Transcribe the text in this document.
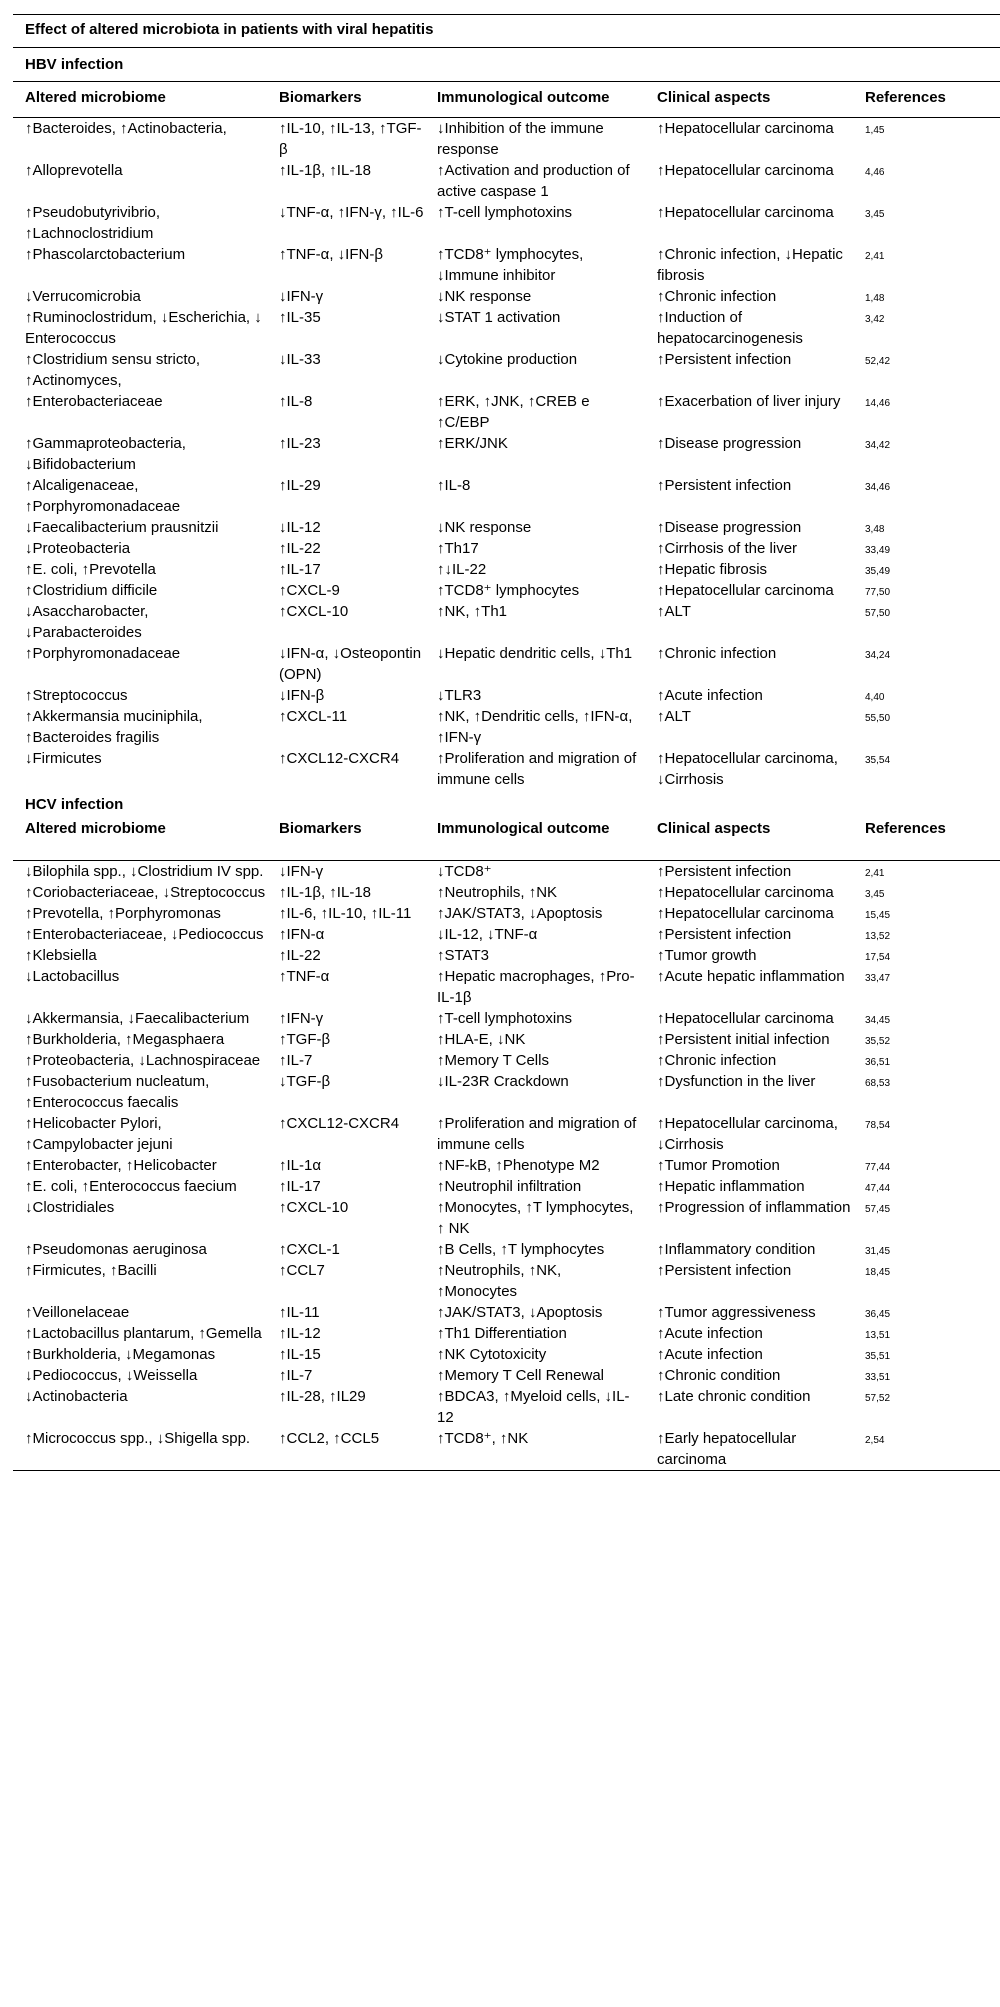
Effect of altered microbiota in patients with viral hepatitis
HBV infection
Altered microbiome	Biomarkers	Immunological outcome	Clinical aspects	References
↑Bacteroides, ↑Actinobacteria,	↑IL-10, ↑IL-13, ↑TGF-β	↓Inhibition of the immune response	↑Hepatocellular carcinoma	1,45
↑Alloprevotella	↑IL-1β, ↑IL-18	↑Activation and production of active caspase 1	↑Hepatocellular carcinoma	4,46
↑Pseudobutyrivibrio, ↑Lachnoclostridium	↓TNF-α, ↑IFN-γ, ↑IL-6	↑T-cell lymphotoxins	↑Hepatocellular carcinoma	3,45
↑Phascolarctobacterium	↑TNF-α, ↓IFN-β	↑TCD8⁺ lymphocytes, ↓Immune inhibitor	↑Chronic infection, ↓Hepatic fibrosis	2,41
↓Verrucomicrobia	↓IFN-γ	↓NK response	↑Chronic infection	1,48
↑Ruminoclostridum, ↓Escherichia, ↓ Enterococcus	↑IL-35	↓STAT 1 activation	↑Induction of hepatocarcinogenesis	3,42
↑Clostridium sensu stricto, ↑Actinomyces,	↓IL-33	↓Cytokine production	↑Persistent infection	52,42
↑Enterobacteriaceae	↑IL-8	↑ERK, ↑JNK, ↑CREB e ↑C/EBP	↑Exacerbation of liver injury	14,46
↑Gammaproteobacteria, ↓Bifidobacterium	↑IL-23	↑ERK/JNK	↑Disease progression	34,42
↑Alcaligenaceae, ↑Porphyromonadaceae	↑IL-29	↑IL-8	↑Persistent infection	34,46
↓Faecalibacterium prausnitzii	↓IL-12	↓NK response	↑Disease progression	3,48
↓Proteobacteria	↑IL-22	↑Th17	↑Cirrhosis of the liver	33,49
↑E. coli, ↑Prevotella	↑IL-17	↑↓IL-22	↑Hepatic fibrosis	35,49
↑Clostridium difficile	↑CXCL-9	↑TCD8⁺ lymphocytes	↑Hepatocellular carcinoma	77,50
↓Asaccharobacter, ↓Parabacteroides	↑CXCL-10	↑NK, ↑Th1	↑ALT	57,50
↑Porphyromonadaceae	↓IFN-α, ↓Osteopontin (OPN)	↓Hepatic dendritic cells, ↓Th1	↑Chronic infection	34,24
↑Streptococcus	↓IFN-β	↓TLR3	↑Acute infection	4,40
↑Akkermansia muciniphila, ↑Bacteroides fragilis	↑CXCL-11	↑NK, ↑Dendritic cells, ↑IFN-α, ↑IFN-γ	↑ALT	55,50
↓Firmicutes	↑CXCL12-CXCR4	↑Proliferation and migration of immune cells	↑Hepatocellular carcinoma, ↓Cirrhosis	35,54
HCV infection
Altered microbiome	Biomarkers	Immunological outcome	Clinical aspects	References
↓Bilophila spp., ↓Clostridium IV spp.	↓IFN-γ	↓TCD8⁺	↑Persistent infection	2,41
↑Coriobacteriaceae, ↓Streptococcus	↑IL-1β, ↑IL-18	↑Neutrophils, ↑NK	↑Hepatocellular carcinoma	3,45
↑Prevotella, ↑Porphyromonas	↑IL-6, ↑IL-10, ↑IL-11	↑JAK/STAT3, ↓Apoptosis	↑Hepatocellular carcinoma	15,45
↑Enterobacteriaceae, ↓Pediococcus	↑IFN-α	↓IL-12, ↓TNF-α	↑Persistent infection	13,52
↑Klebsiella	↑IL-22	↑STAT3	↑Tumor growth	17,54
↓Lactobacillus	↑TNF-α	↑Hepatic macrophages, ↑Pro-IL-1β	↑Acute hepatic inflammation	33,47
↓Akkermansia, ↓Faecalibacterium	↑IFN-γ	↑T-cell lymphotoxins	↑Hepatocellular carcinoma	34,45
↑Burkholderia, ↑Megasphaera	↑TGF-β	↑HLA-E, ↓NK	↑Persistent initial infection	35,52
↑Proteobacteria, ↓Lachnospiraceae	↑IL-7	↑Memory T Cells	↑Chronic infection	36,51
↑Fusobacterium nucleatum, ↑Enterococcus faecalis	↓TGF-β	↓IL-23R Crackdown	↑Dysfunction in the liver	68,53
↑Helicobacter Pylori, ↑Campylobacter jejuni	↑CXCL12-CXCR4	↑Proliferation and migration of immune cells	↑Hepatocellular carcinoma, ↓Cirrhosis	78,54
↑Enterobacter, ↑Helicobacter	↑IL-1α	↑NF-kB, ↑Phenotype M2	↑Tumor Promotion	77,44
↑E. coli, ↑Enterococcus faecium	↑IL-17	↑Neutrophil infiltration	↑Hepatic inflammation	47,44
↓Clostridiales	↑CXCL-10	↑Monocytes, ↑T lymphocytes, ↑ NK	↑Progression of inflammation	57,45
↑Pseudomonas aeruginosa	↑CXCL-1	↑B Cells, ↑T lymphocytes	↑Inflammatory condition	31,45
↑Firmicutes, ↑Bacilli	↑CCL7	↑Neutrophils, ↑NK, ↑Monocytes	↑Persistent infection	18,45
↑Veillonelaceae	↑IL-11	↑JAK/STAT3, ↓Apoptosis	↑Tumor aggressiveness	36,45
↑Lactobacillus plantarum, ↑Gemella	↑IL-12	↑Th1 Differentiation	↑Acute infection	13,51
↑Burkholderia, ↓Megamonas	↑IL-15	↑NK Cytotoxicity	↑Acute infection	35,51
↓Pediococcus, ↓Weissella	↑IL-7	↑Memory T Cell Renewal	↑Chronic condition	33,51
↓Actinobacteria	↑IL-28, ↑IL29	↑BDCA3, ↑Myeloid cells, ↓IL-12	↑Late chronic condition	57,52
↑Micrococcus spp., ↓Shigella spp.	↑CCL2, ↑CCL5	↑TCD8⁺, ↑NK	↑Early hepatocellular carcinoma	2,54
